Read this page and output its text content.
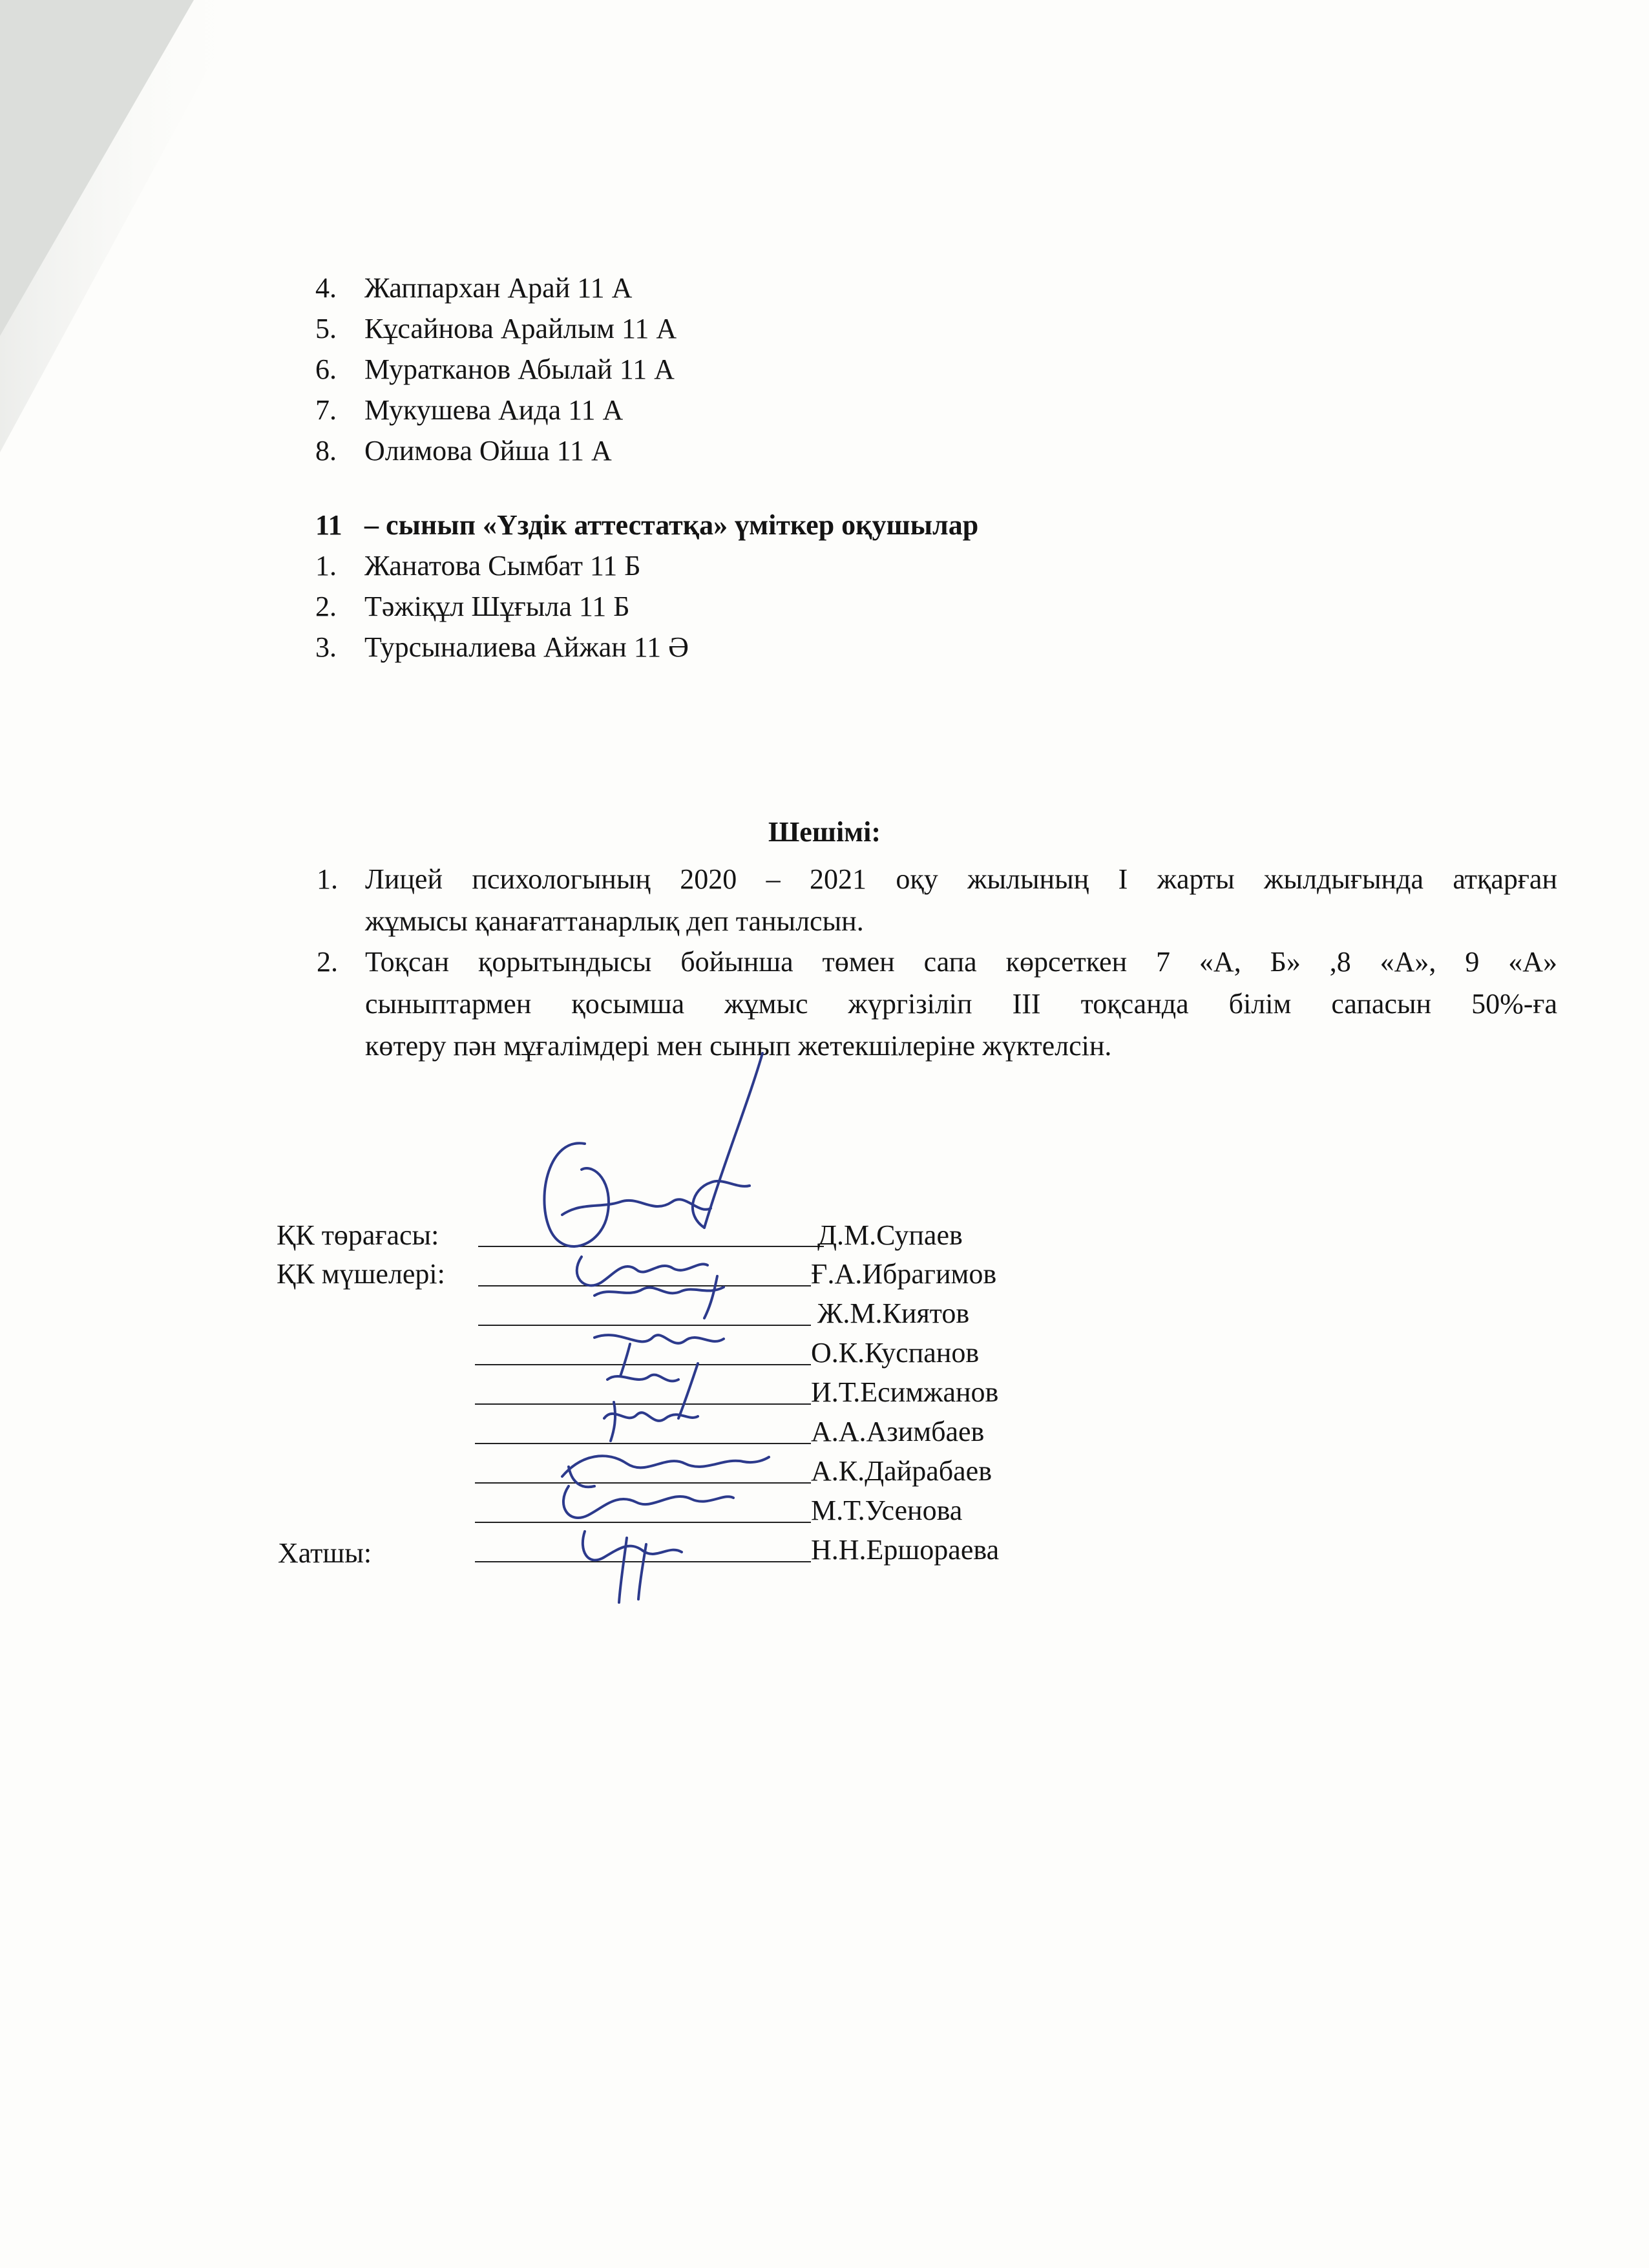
4. Жаппархан Арай 11 А
5. Кұсайнова Арайлым 11 А
6. Муратканов Абылай 11 А
7. Мукушева Аида 11 А
8. Олимова Ойша 11 А
11 – сынып «Үздік аттестатқа» үміткер оқушылар
1. Жанатова Сымбат 11 Б
2. Тәжіқұл Шұғыла 11 Б
3. Турсыналиева Айжан 11 Ә
Шешімі:
1. Лицей психологының 2020 – 2021 оқу жылының І жарты жылдығында атқарған
жұмысы қанағаттанарлық деп танылсын.
2. Тоқсан қорытындысы бойынша төмен сапа көрсеткен 7 «А, Б» ,8 «А», 9 «А»
сыныптармен қосымша жұмыс жүргізіліп ІІІ тоқсанда білім сапасын 50%-ға
көтеру пән мұғалімдері мен сынып жетекшілеріне жүктелсін.
ҚК төрағасы:
ҚК мүшелері:
Хатшы:
Д.М.Супаев
Ғ.А.Ибрагимов
Ж.М.Киятов
О.К.Куспанов
И.Т.Есимжанов
А.А.Азимбаев
А.К.Дайрабаев
М.Т.Усенова
Н.Н.Ершораева
